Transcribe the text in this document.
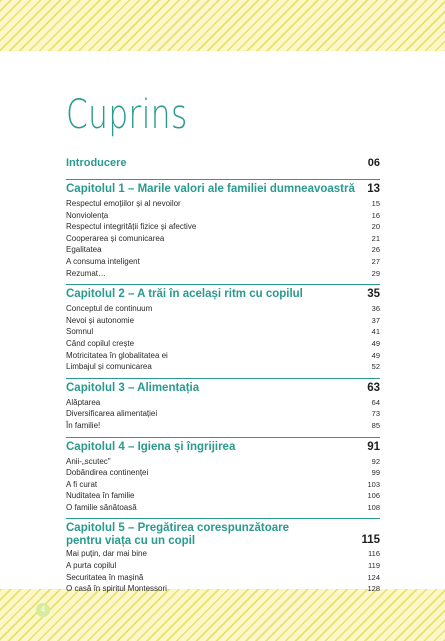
4
Cuprins
Introducere	06
Capitolul 1 – Marile valori ale familiei dumneavoastră 13
Respectul emoțiilor și al nevoilor	15
Nonviolența	16
Respectul integrității fizice și afective	20
Cooperarea și comunicarea	21
Egalitatea	26
A consuma inteligent	27
Rezumat…	29
Capitolul 2 – A trăi în același ritm cu copilul	35
Conceptul de continuum	36
Nevoi și autonomie	37
Somnul	41
Când copilul crește	49
Motricitatea în globalitatea ei	49
Limbajul și comunicarea	52
Capitolul 3 – Alimentația	63
Alăptarea	64
Diversificarea alimentației	73
În familie!	85
Capitolul 4 – Igiena și îngrijirea	91
Anii-„scutec"	92
Dobândirea continenței	99
A fi curat	103
Nuditatea în familie	106
O familie sănătoasă	108
Capitolul 5 – Pregătirea corespunzătoare pentru viața cu un copil	115
Mai puțin, dar mai bine	116
A purta copilul	119
Securitatea în mașină	124
O casă în spiritul Montessori	128
